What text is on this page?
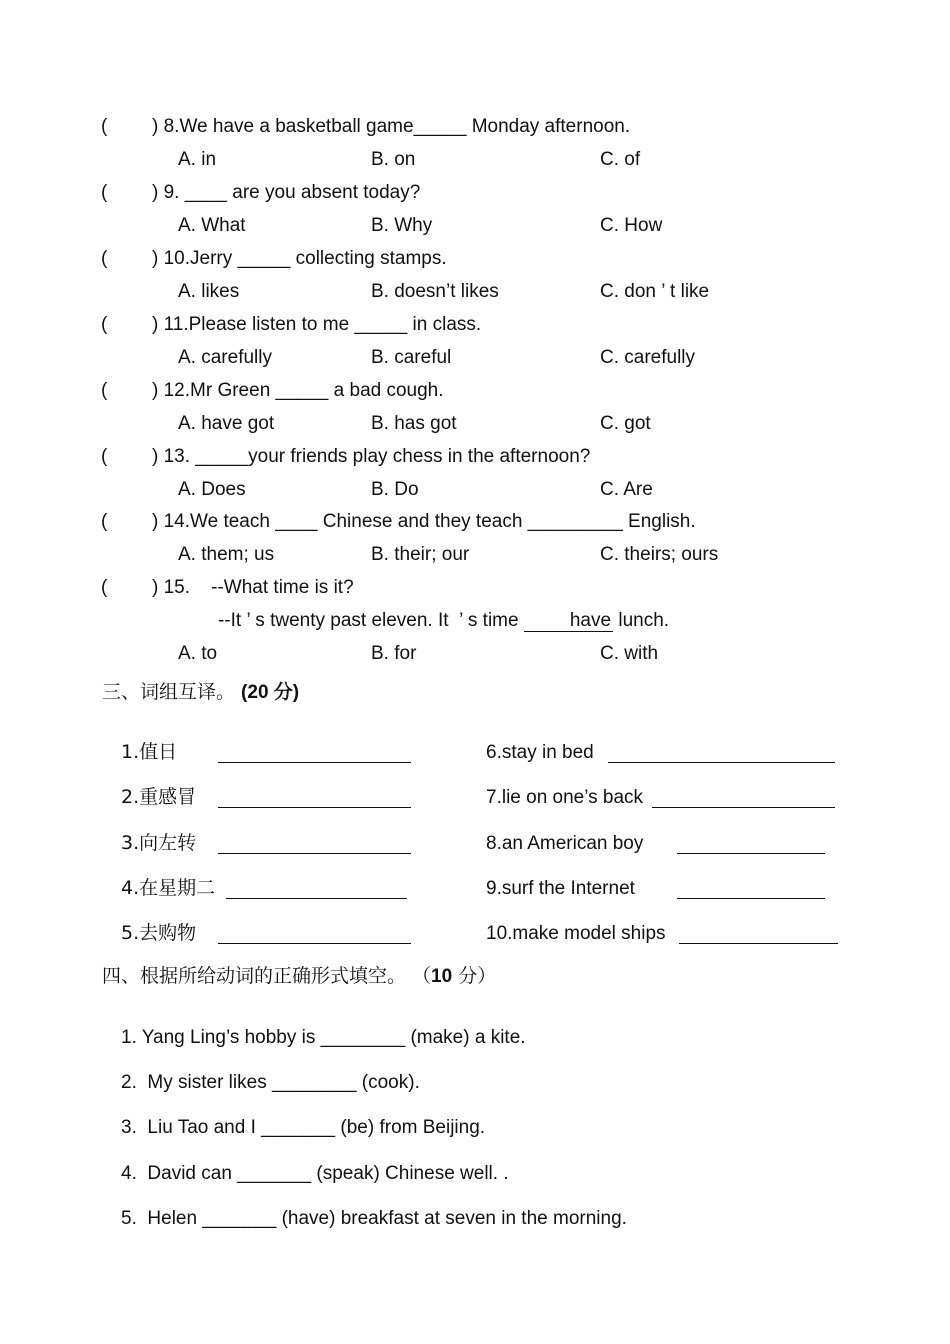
( ) 8.We have a basketball game_____ Monday afternoon.
A. in	B. on	C. of
( ) 9. ____ are you absent today?
A. What	B. Why	C. How
( ) 10.Jerry _____ collecting stamps.
A. likes	B. doesn’t likes	C. don ’ t like
( ) 11.Please listen to me _____ in class.
A. carefully	B. careful	C. carefully
( ) 12.Mr Green _____ a bad cough.
A. have got	B. has got	C. got
( ) 13. _____your friends play chess in the afternoon?
A. Does	B. Do	C. Are
( ) 14.We teach ____ Chinese and they teach _________ English.
A. them; us	B. their; our	C. theirs; ours
( ) 15.    --What time is it?
--It ’ s twenty past eleven. It  ’ s time have lunch.
A. to	B. for	C. with
三、词组互译。 (20 分)
1.值日	6.stay in bed
2.重感冒	7.lie on one’s back
3.向左转	8.an American boy
4.在星期二	9.surf the Internet
5.去购物	10.make model ships
四、根据所给动词的正确形式填空。 （10 分）
1. Yang Ling’s hobby is ________ (make) a kite.
2.  My sister likes ________ (cook).
3.  Liu Tao and I _______ (be) from Beijing.
4.  David can _______ (speak) Chinese well. .
5.  Helen _______ (have) breakfast at seven in the morning.
